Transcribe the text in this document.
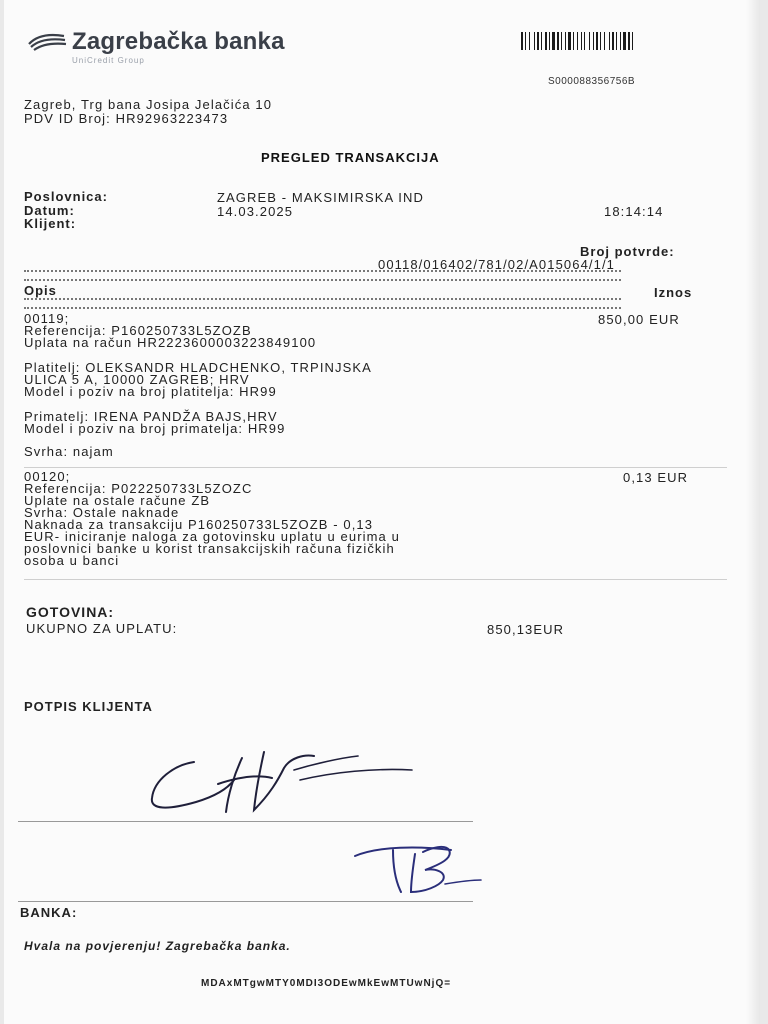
Zagrebačka banka
UniCredit Group
S000088356756B
Zagreb, Trg bana Josipa Jelačića 10
PDV ID Broj: HR92963223473
PREGLED TRANSAKCIJA
Poslovnica:	ZAGREB - MAKSIMIRSKA IND
Datum:	14.03.2025	18:14:14
Klijent:
Broj potvrde:
00118/016402/781/02/A015064/1/1
Opis	Iznos
00119;	850,00 EUR
Referencija: P160250733L5ZOZB
Uplata na račun HR2223600003223849100
Platitelj: OLEKSANDR HLADCHENKO, TRPINJSKA
ULICA 5 A, 10000 ZAGREB; HRV
Model i poziv na broj platitelja: HR99
Primatelj: IRENA PANDŽA BAJS,HRV
Model i poziv na broj primatelja: HR99
Svrha: najam
00120;	0,13 EUR
Referencija: P022250733L5ZOZC
Uplate na ostale račune ZB
Svrha: Ostale naknade
Naknada za transakciju P160250733L5ZOZB - 0,13
EUR- iniciranje naloga za gotovinsku uplatu u eurima u
poslovnici banke u korist transakcijskih računa fizičkih
osoba u banci
GOTOVINA:
UKUPNO ZA UPLATU:	850,13EUR
POTPIS KLIJENTA
BANKA:
Hvala na povjerenju! Zagrebačka banka.
MDAxMTgwMTY0MDI3ODEwMkEwMTUwNjQ=
